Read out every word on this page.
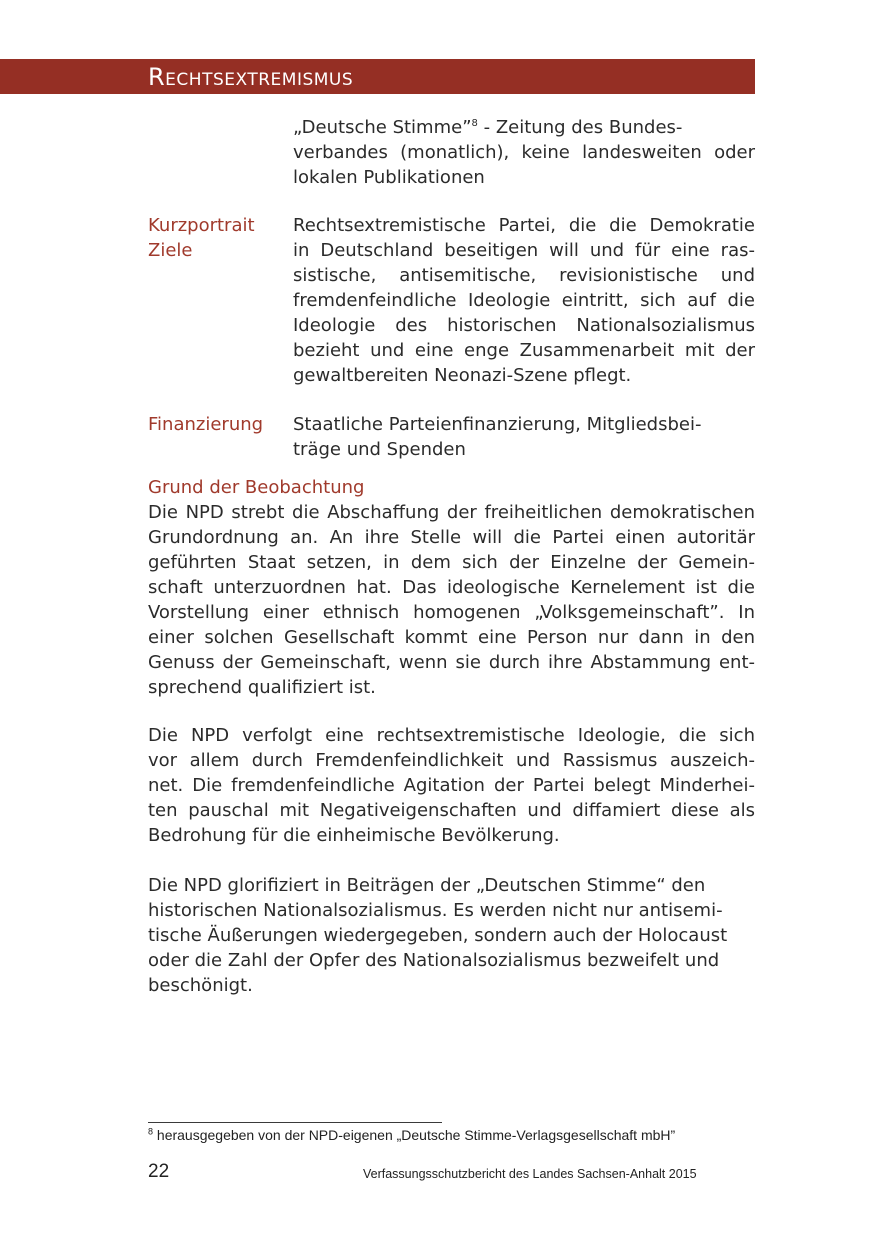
Rechtsextremismus
„Deutsche Stimme”$^8$ - Zeitung des Bundes-
verbandes (monatlich), keine landesweiten oder
lokalen Publikationen
Kurzportrait
Ziele
Rechtsextremistische Partei, die die Demokratie
in Deutschland beseitigen will und für eine ras-
sistische, antisemitische, revisionistische und
fremdenfeindliche Ideologie eintritt, sich auf die
Ideologie des historischen Nationalsozialismus
bezieht und eine enge Zusammenarbeit mit der
gewaltbereiten Neonazi-Szene pflegt.
Finanzierung Staatliche Parteienfinanzierung, Mitgliedsbei-
träge und Spenden
Grund der Beobachtung
Die NPD strebt die Abschaffung der freiheitlichen demokratischen
Grundordnung an. An ihre Stelle will die Partei einen autoritär
geführten Staat setzen, in dem sich der Einzelne der Gemein-
schaft unterzuordnen hat. Das ideologische Kernelement ist die
Vorstellung einer ethnisch homogenen „Volksgemeinschaft”. In
einer solchen Gesellschaft kommt eine Person nur dann in den
Genuss der Gemeinschaft, wenn sie durch ihre Abstammung ent-
sprechend qualifiziert ist.
Die NPD verfolgt eine rechtsextremistische Ideologie, die sich
vor allem durch Fremdenfeindlichkeit und Rassismus auszeich-
net. Die fremdenfeindliche Agitation der Partei belegt Minderhei-
ten pauschal mit Negativeigenschaften und diffamiert diese als
Bedrohung für die einheimische Bevölkerung.
Die NPD glorifiziert in Beiträgen der „Deutschen Stimme“ den
historischen Nationalsozialismus. Es werden nicht nur antisemi-
tische Äußerungen wiedergegeben, sondern auch der Holocaust
oder die Zahl der Opfer des Nationalsozialismus bezweifelt und
beschönigt.
$^8$ herausgegeben von der NPD-eigenen „Deutsche Stimme-Verlagsgesellschaft mbH”
22	Verfassungsschutzbericht des Landes Sachsen-Anhalt 2015
